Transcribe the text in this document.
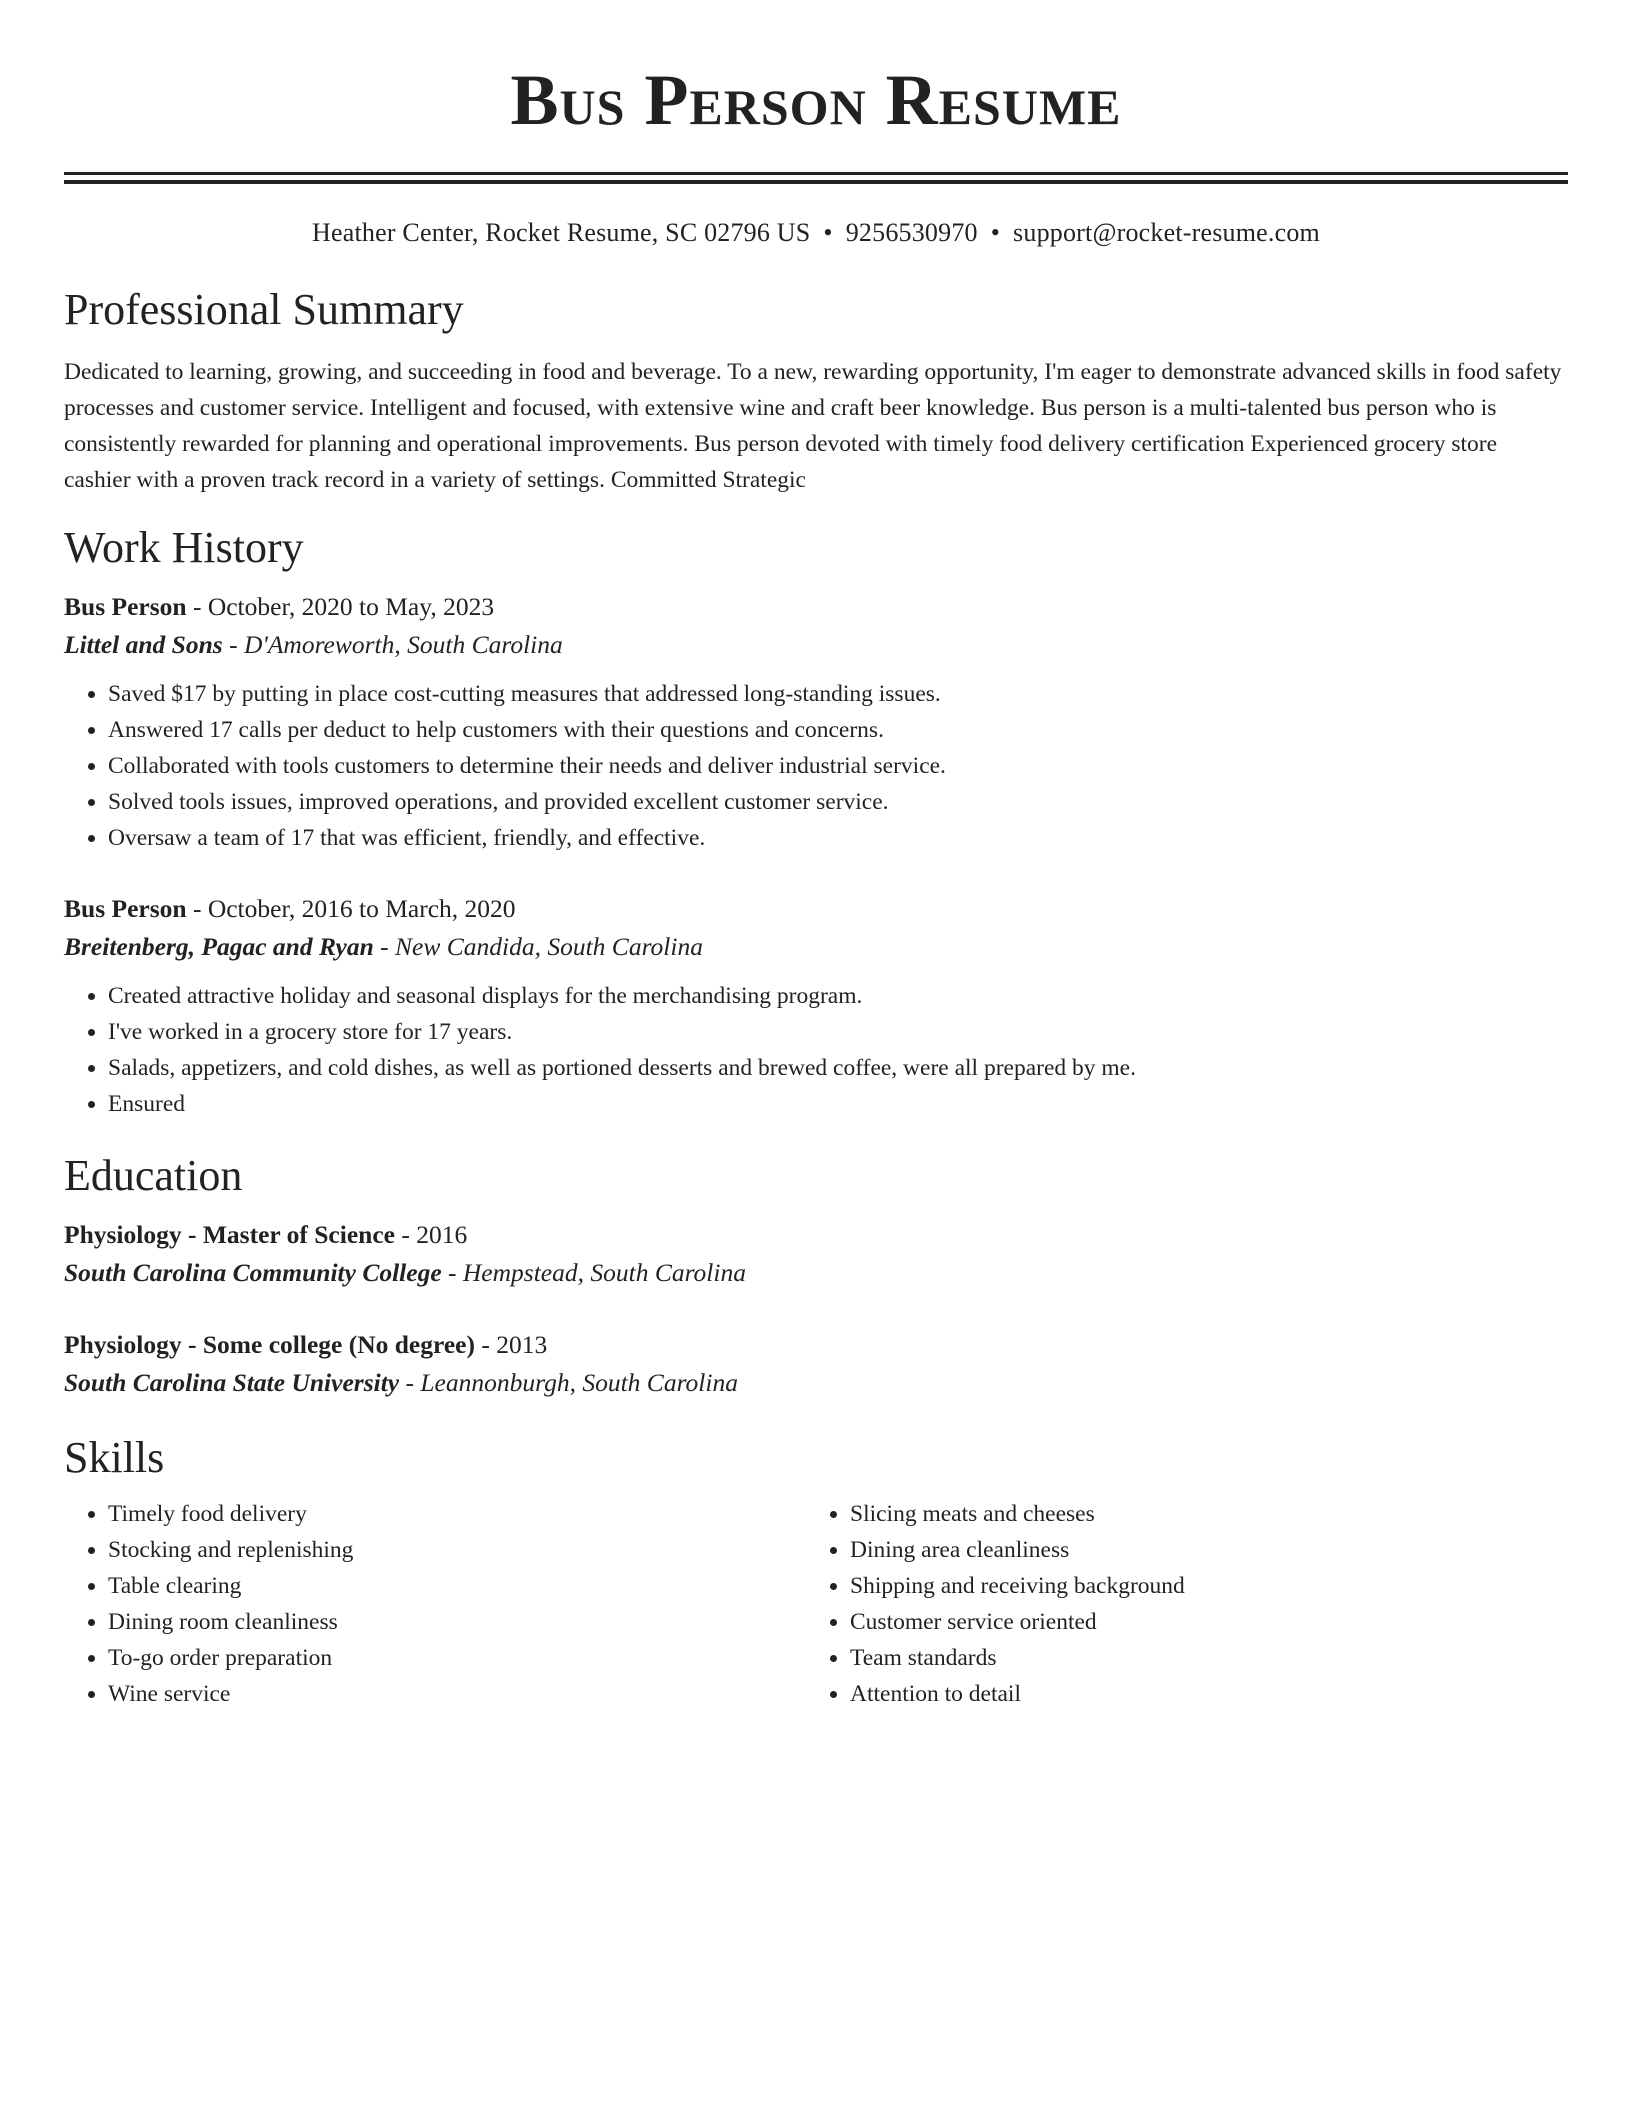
Bus Person Resume
Heather Center, Rocket Resume, SC 02796 US • 9256530970 • support@rocket-resume.com
Professional Summary

Dedicated to learning, growing, and succeeding in food and beverage. To a new, rewarding opportunity, I'm eager to demonstrate advanced skills in food safety processes and customer service. Intelligent and focused, with extensive wine and craft beer knowledge. Bus person is a multi-talented bus person who is consistently rewarded for planning and operational improvements. Bus person devoted with timely food delivery certification Experienced grocery store cashier with a proven track record in a variety of settings. Committed Strategic

Work History
Bus Person - October, 2020 to May, 2023
Littel and Sons - D'Amoreworth, South Carolina
• Saved $17 by putting in place cost-cutting measures that addressed long-standing issues.
• Answered 17 calls per deduct to help customers with their questions and concerns.
• Collaborated with tools customers to determine their needs and deliver industrial service.
• Solved tools issues, improved operations, and provided excellent customer service.
• Oversaw a team of 17 that was efficient, friendly, and effective.
Bus Person - October, 2016 to March, 2020
Breitenberg, Pagac and Ryan - New Candida, South Carolina
• Created attractive holiday and seasonal displays for the merchandising program.
• I've worked in a grocery store for 17 years.
• Salads, appetizers, and cold dishes, as well as portioned desserts and brewed coffee, were all prepared by me.
• Ensured
Education
Physiology - Master of Science - 2016
South Carolina Community College - Hempstead, South Carolina
Physiology - Some college (No degree) - 2013
South Carolina State University - Leannonburgh, South Carolina
Skills
• Timely food delivery
• Stocking and replenishing
• Table clearing
• Dining room cleanliness
• To-go order preparation
• Wine service
• Slicing meats and cheeses
• Dining area cleanliness
• Shipping and receiving background
• Customer service oriented
• Team standards
• Attention to detail
